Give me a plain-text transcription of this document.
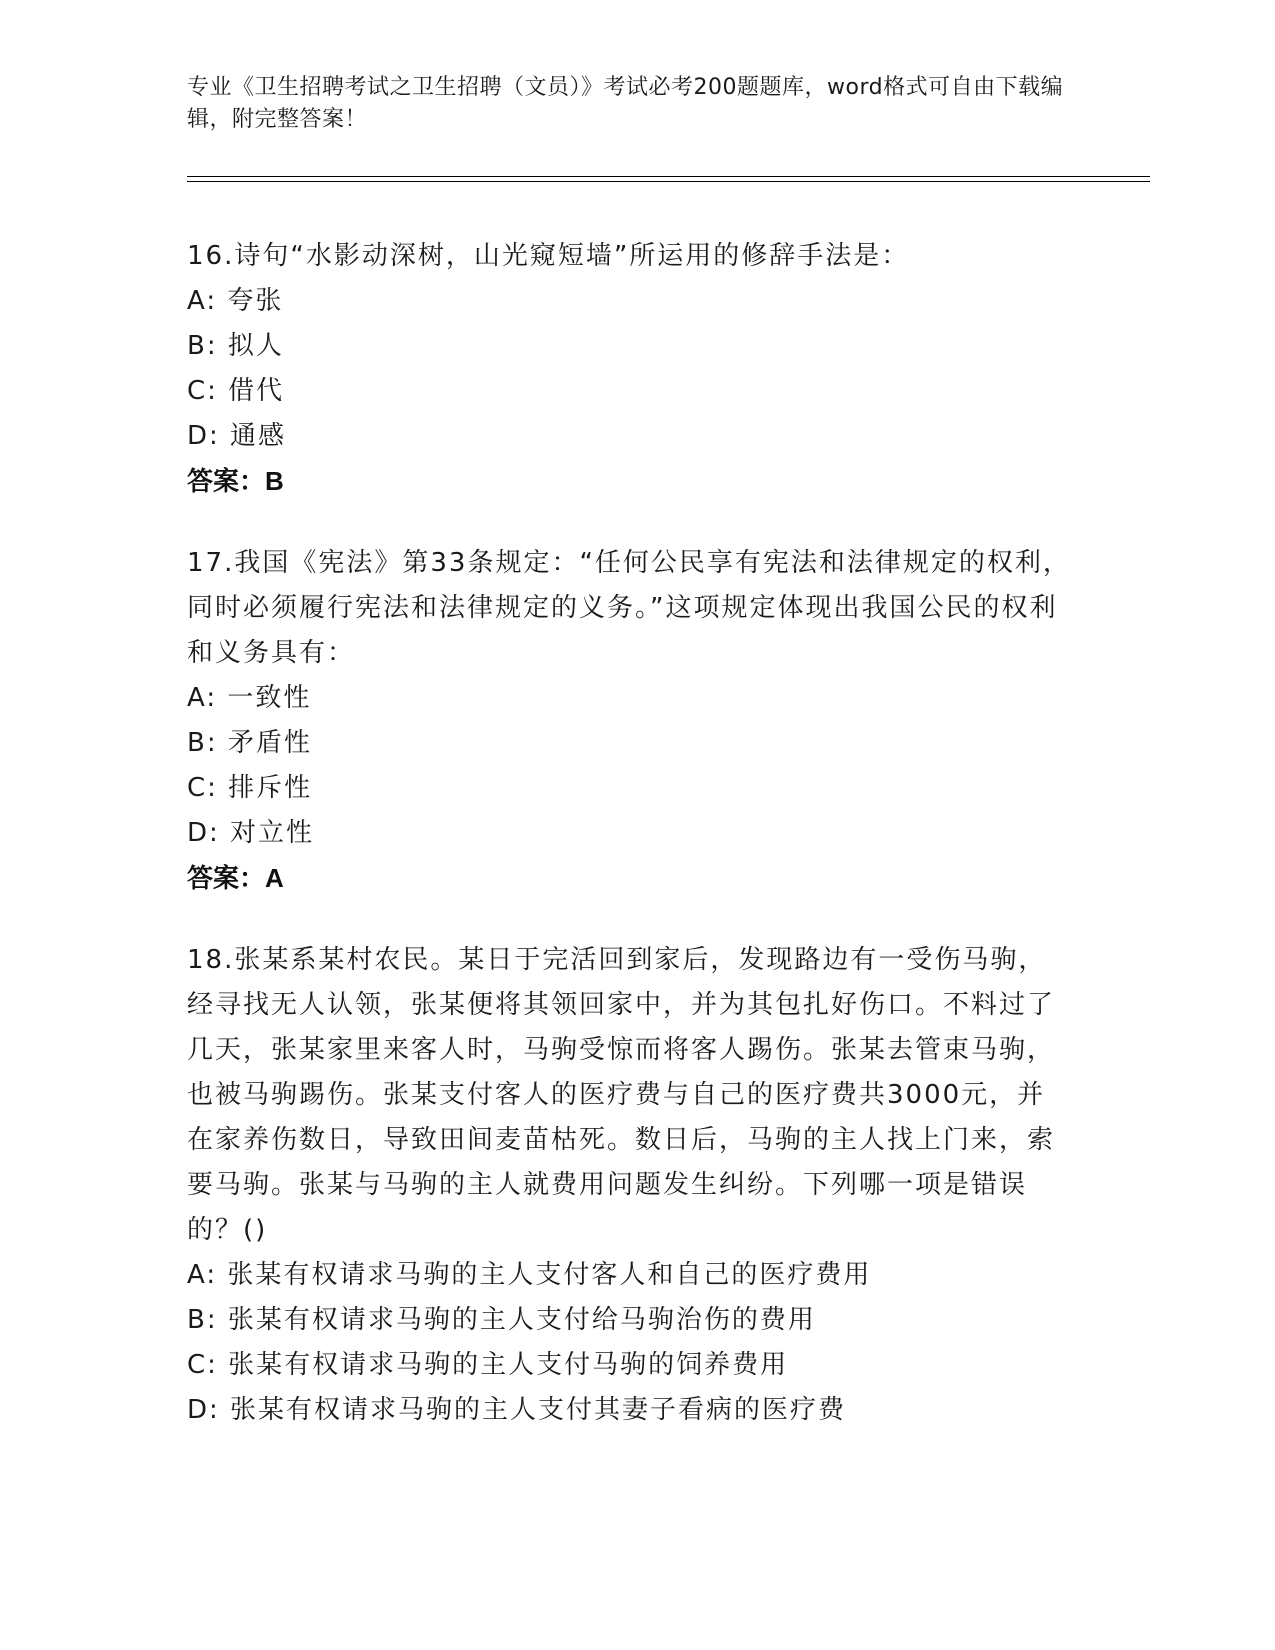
专业《卫生招聘考试之卫生招聘（文员）》考试必考200题题库，word格式可自由下载编辑，附完整答案！
16.诗句“水影动深树，山光窥短墙”所运用的修辞手法是：
A: 夸张
B: 拟人
C: 借代
D: 通感
答案：B
17.我国《宪法》第33条规定：“任何公民享有宪法和法律规定的权利，同时必须履行宪法和法律规定的义务。”这项规定体现出我国公民的权利和义务具有：
A: 一致性
B: 矛盾性
C: 排斥性
D: 对立性
答案：A
18.张某系某村农民。某日于完活回到家后，发现路边有一受伤马驹，经寻找无人认领，张某便将其领回家中，并为其包扎好伤口。不料过了几天，张某家里来客人时，马驹受惊而将客人踢伤。张某去管束马驹，也被马驹踢伤。张某支付客人的医疗费与自己的医疗费共3000元，并在家养伤数日，导致田间麦苗枯死。数日后，马驹的主人找上门来，索要马驹。张某与马驹的主人就费用问题发生纠纷。下列哪一项是错误的？()
A: 张某有权请求马驹的主人支付客人和自己的医疗费用
B: 张某有权请求马驹的主人支付给马驹治伤的费用
C: 张某有权请求马驹的主人支付马驹的饲养费用
D: 张某有权请求马驹的主人支付其妻子看病的医疗费
